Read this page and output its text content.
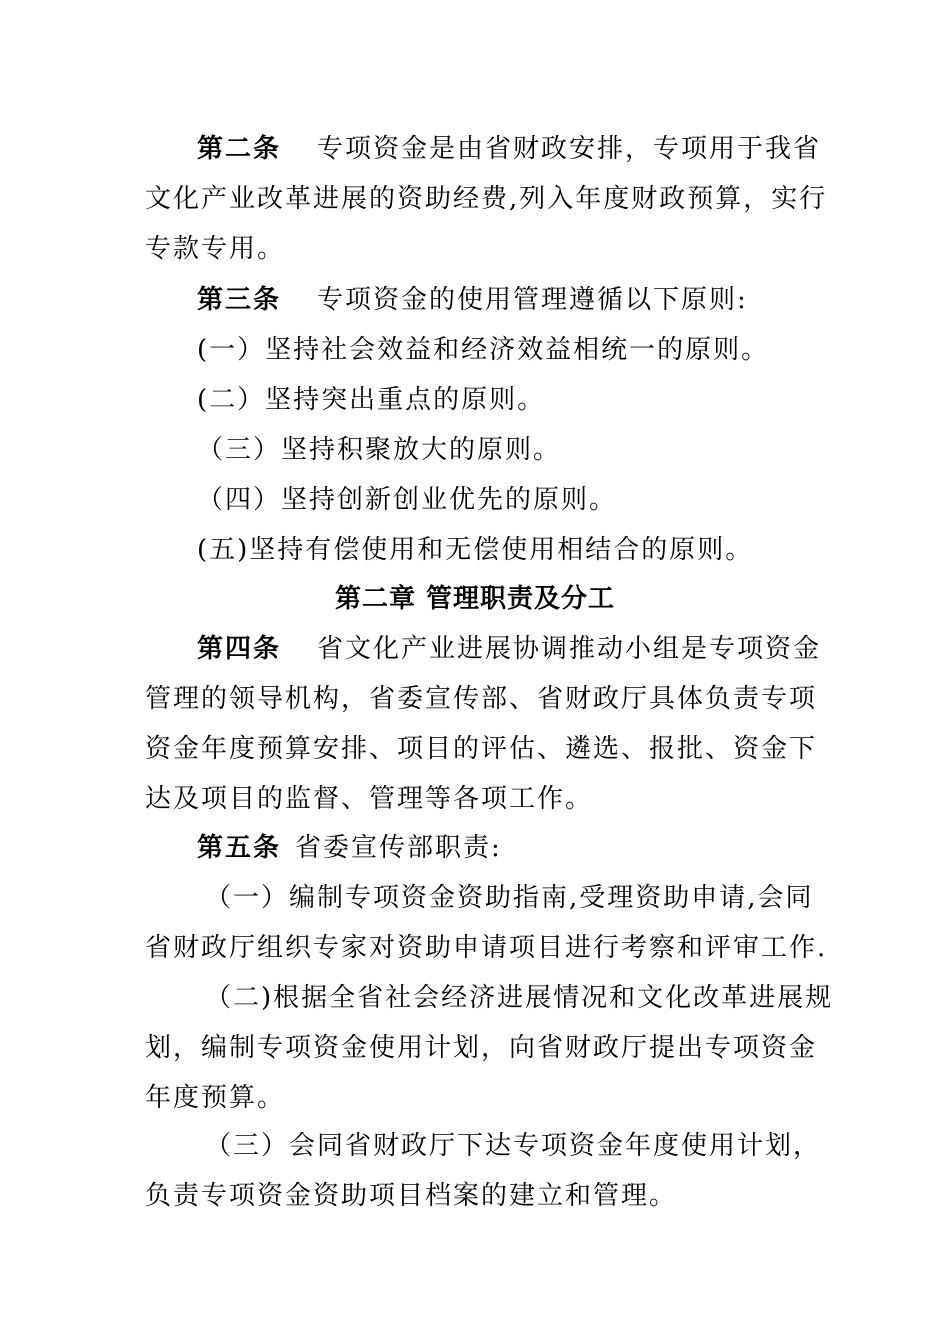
第二条 专项资金是由省财政安排，专项用于我省
文化产业改革进展的资助经费,列入年度财政预算，实行
专款专用。
第三条 专项资金的使用管理遵循以下原则:
(一）坚持社会效益和经济效益相统一的原则。
(二）坚持突出重点的原则。
（三）坚持积聚放大的原则。
（四）坚持创新创业优先的原则。
(五)坚持有偿使用和无偿使用相结合的原则。
第二章 管理职责及分工
第四条 省文化产业进展协调推动小组是专项资金
管理的领导机构，省委宣传部、省财政厅具体负责专项
资金年度预算安排、项目的评估、遴选、报批、资金下
达及项目的监督、管理等各项工作。
第五条 省委宣传部职责:
（一）编制专项资金资助指南,受理资助申请,会同
省财政厅组织专家对资助申请项目进行考察和评审工作.
（二)根据全省社会经济进展情况和文化改革进展规
划，编制专项资金使用计划，向省财政厅提出专项资金
年度预算。
（三）会同省财政厅下达专项资金年度使用计划，
负责专项资金资助项目档案的建立和管理。
